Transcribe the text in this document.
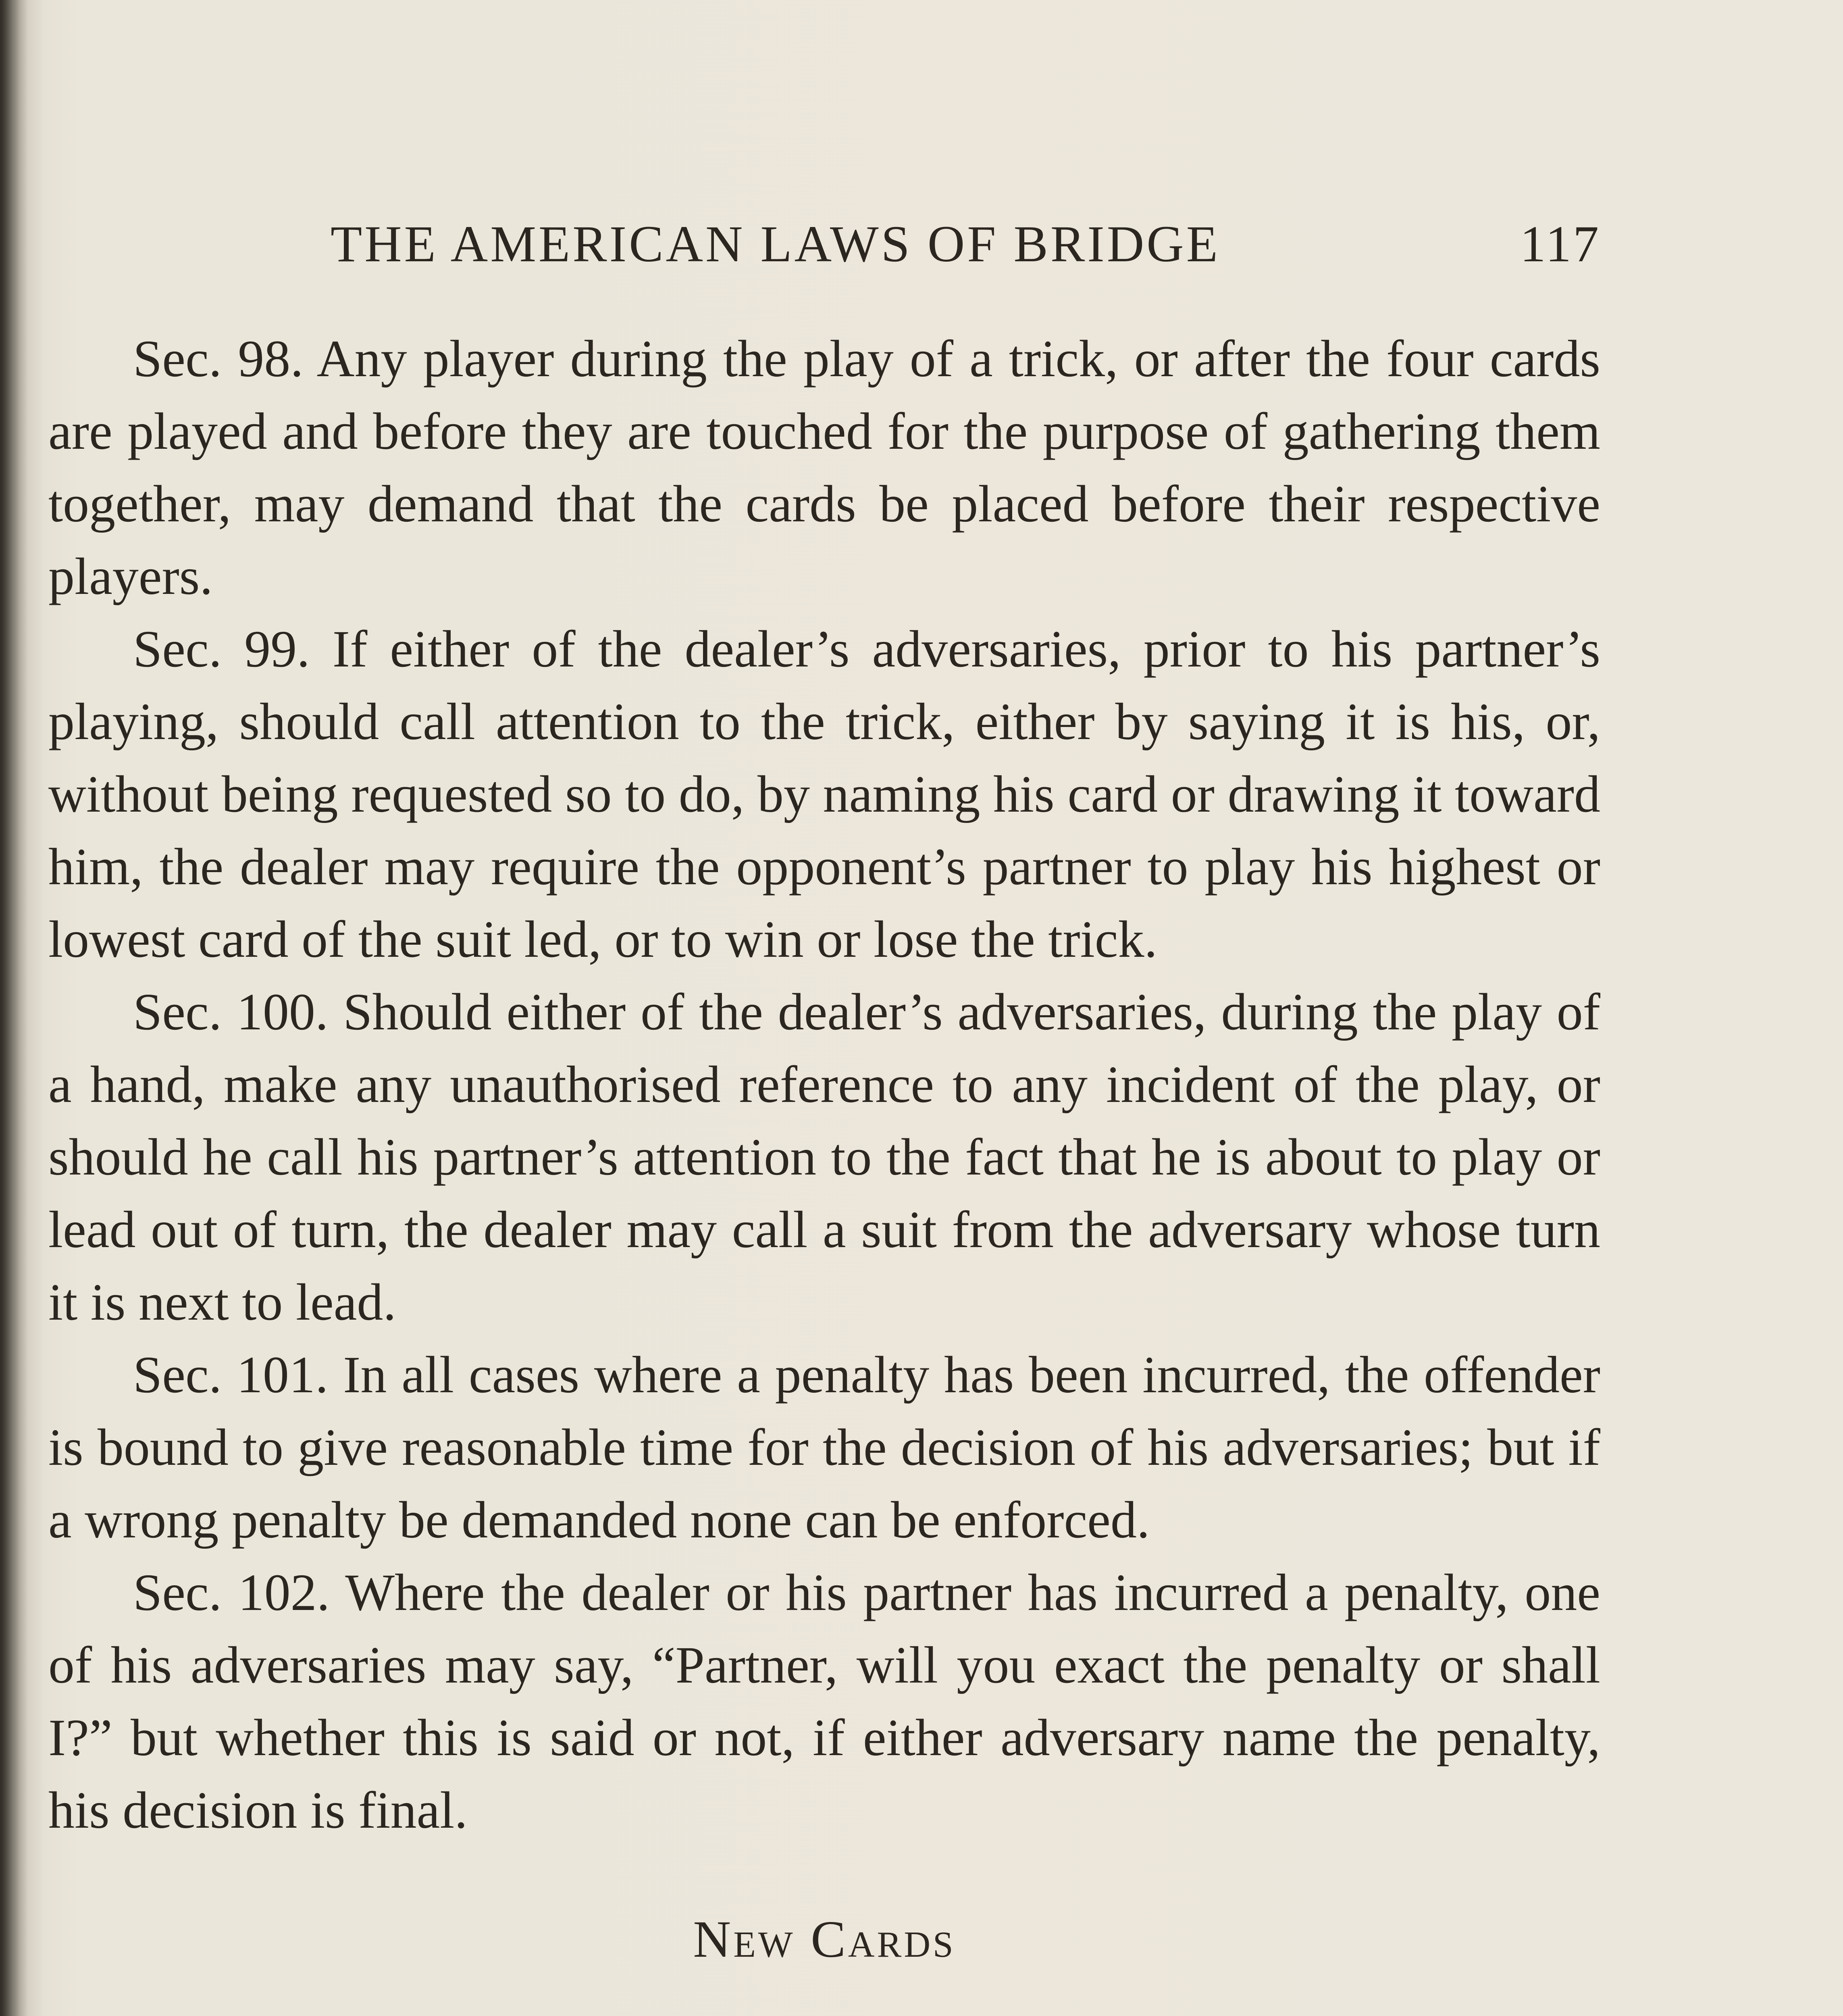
THE AMERICAN LAWS OF BRIDGE	117

Sec. 98. Any player during the play of a trick, or after the four cards are played and before they are touched for the purpose of gathering them together, may demand that the cards be placed before their respective players.

Sec. 99. If either of the dealer’s adversaries, prior to his partner’s playing, should call attention to the trick, either by saying it is his, or, without being requested so to do, by naming his card or drawing it toward him, the dealer may require the opponent’s partner to play his highest or lowest card of the suit led, or to win or lose the trick.

Sec. 100. Should either of the dealer’s adversaries, during the play of a hand, make any unauthorised reference to any incident of the play, or should he call his partner’s attention to the fact that he is about to play or lead out of turn, the dealer may call a suit from the adversary whose turn it is next to lead.

Sec. 101. In all cases where a penalty has been incurred, the offender is bound to give reasonable time for the decision of his adversaries; but if a wrong penalty be demanded none can be enforced.

Sec. 102. Where the dealer or his partner has incurred a penalty, one of his adversaries may say, “Partner, will you exact the penalty or shall I?” but whether this is said or not, if either adversary name the penalty, his decision is final.

New Cards
